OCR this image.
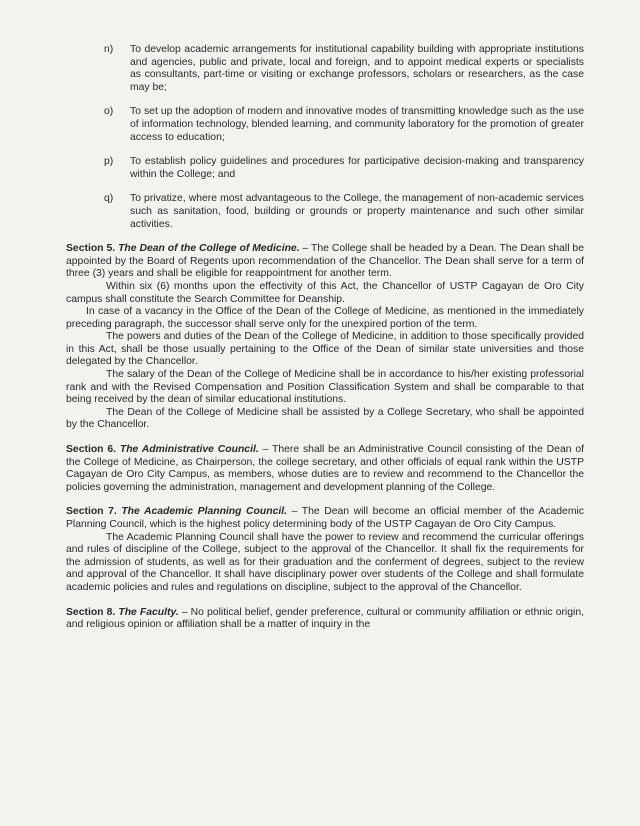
n)	To develop academic arrangements for institutional capability building with appropriate institutions and agencies, public and private, local and foreign, and to appoint medical experts or specialists as consultants, part-time or visiting or exchange professors, scholars or researchers, as the case may be;
o)	To set up the adoption of modern and innovative modes of transmitting knowledge such as the use of information technology, blended learning, and community laboratory for the promotion of greater access to education;
p)	To establish policy guidelines and procedures for participative decision-making and transparency within the College; and
q)	To privatize, where most advantageous to the College, the management of non-academic services such as sanitation, food, building or grounds or property maintenance and such other similar activities.

Section 5. The Dean of the College of Medicine. – The College shall be headed by a Dean. The Dean shall be appointed by the Board of Regents upon recommendation of the Chancellor. The Dean shall serve for a term of three (3) years and shall be eligible for reappointment for another term.

Within six (6) months upon the effectivity of this Act, the Chancellor of USTP Cagayan de Oro City campus shall constitute the Search Committee for Deanship.

In case of a vacancy in the Office of the Dean of the College of Medicine, as mentioned in the immediately preceding paragraph, the successor shall serve only for the unexpired portion of the term.

The powers and duties of the Dean of the College of Medicine, in addition to those specifically provided in this Act, shall be those usually pertaining to the Office of the Dean of similar state universities and those delegated by the Chancellor.

The salary of the Dean of the College of Medicine shall be in accordance to his/her existing professorial rank and with the Revised Compensation and Position Classification System and shall be comparable to that being received by the dean of similar educational institutions.

The Dean of the College of Medicine shall be assisted by a College Secretary, who shall be appointed by the Chancellor.

Section 6. The Administrative Council. – There shall be an Administrative Council consisting of the Dean of the College of Medicine, as Chairperson, the college secretary, and other officials of equal rank within the USTP Cagayan de Oro City Campus, as members, whose duties are to review and recommend to the Chancellor the policies governing the administration, management and development planning of the College.

Section 7. The Academic Planning Council. – The Dean will become an official member of the Academic Planning Council, which is the highest policy determining body of the USTP Cagayan de Oro City Campus.

The Academic Planning Council shall have the power to review and recommend the curricular offerings and rules of discipline of the College, subject to the approval of the Chancellor. It shall fix the requirements for the admission of students, as well as for their graduation and the conferment of degrees, subject to the review and approval of the Chancellor. It shall have disciplinary power over students of the College and shall formulate academic policies and rules and regulations on discipline, subject to the approval of the Chancellor.

Section 8. The Faculty. – No political belief, gender preference, cultural or community affiliation or ethnic origin, and religious opinion or affiliation shall be a matter of inquiry in the
